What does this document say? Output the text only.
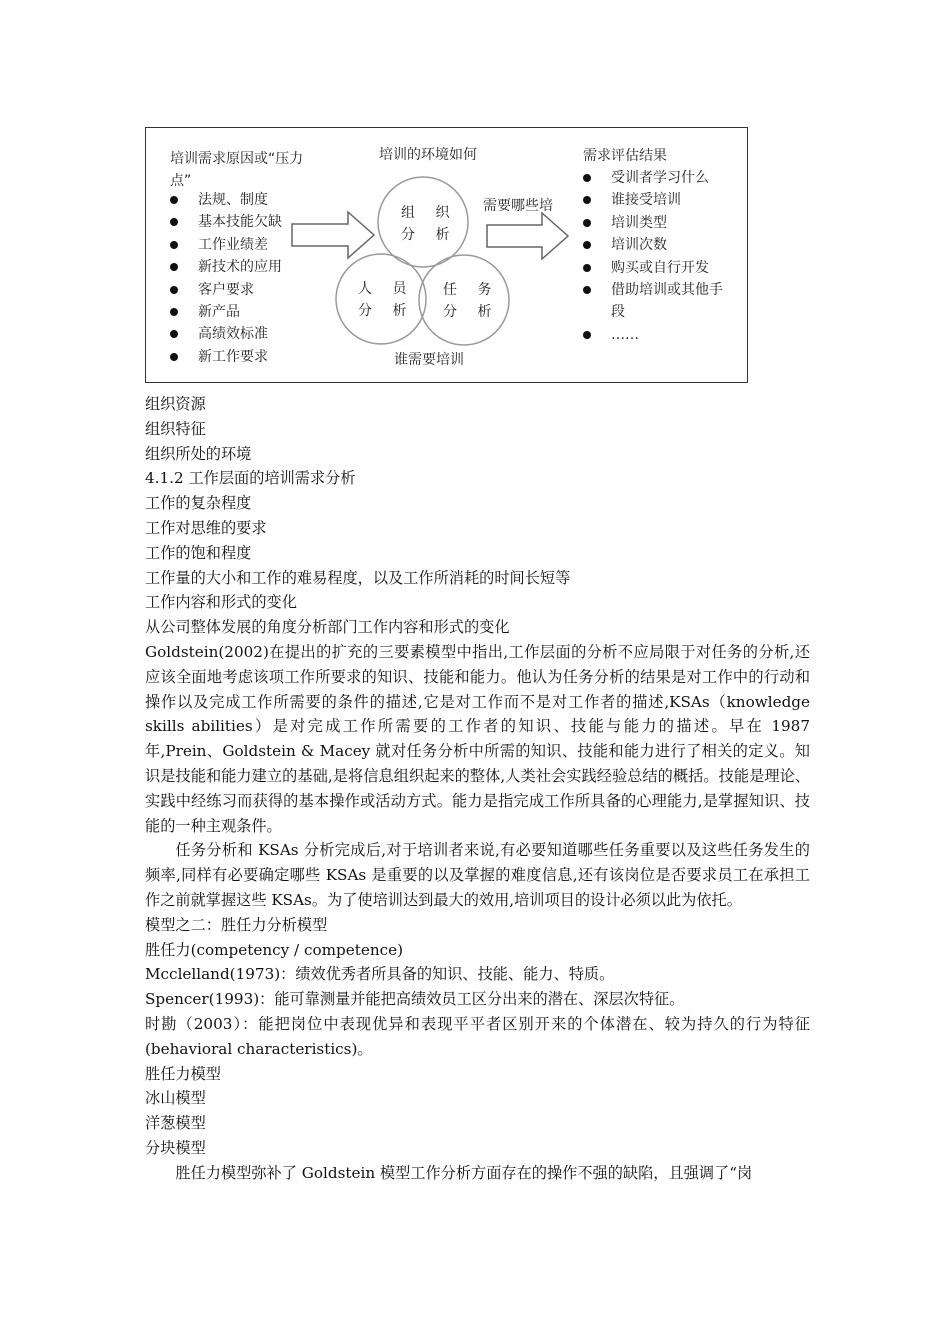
培训需求原因或“压力点”
法规、制度
基本技能欠缺
工作业绩差
新技术的应用
客户要求
新产品
高绩效标准
新工作要求
培训的环境如何
组 织
分 析
人 员
分 析
任 务
分 析
需要哪些培
谁需要培训
需求评估结果
受训者学习什么
谁接受培训
培训类型
培训次数
购买或自行开发
借助培训或其他手段
……

组织资源

组织特征

组织所处的环境

4.1.2 工作层面的培训需求分析

工作的复杂程度

工作对思维的要求

工作的饱和程度

工作量的大小和工作的难易程度，以及工作所消耗的时间长短等

工作内容和形式的变化

从公司整体发展的角度分析部门工作内容和形式的变化

Goldstein(2002)在提出的扩充的三要素模型中指出,工作层面的分析不应局限于对任务的分析,还应该全面地考虑该项工作所要求的知识、技能和能力。他认为任务分析的结果是对工作中的行动和操作以及完成工作所需要的条件的描述,它是对工作而不是对工作者的描述,KSAs（knowledge skills abilities）是对完成工作所需要的工作者的知识、技能与能力的描述。早在 1987 年,Prein、Goldstein & Macey 就对任务分析中所需的知识、技能和能力进行了相关的定义。知识是技能和能力建立的基础,是将信息组织起来的整体,人类社会实践经验总结的概括。技能是理论、实践中经练习而获得的基本操作或活动方式。能力是指完成工作所具备的心理能力,是掌握知识、技能的一种主观条件。

任务分析和 KSAs 分析完成后,对于培训者来说,有必要知道哪些任务重要以及这些任务发生的频率,同样有必要确定哪些 KSAs 是重要的以及掌握的难度信息,还有该岗位是否要求员工在承担工作之前就掌握这些 KSAs。为了使培训达到最大的效用,培训项目的设计必须以此为依托。

模型之二：胜任力分析模型

胜任力(competency / competence)

Mcclelland(1973)：绩效优秀者所具备的知识、技能、能力、特质。

Spencer(1993)：能可靠测量并能把高绩效员工区分出来的潜在、深层次特征。

时勘（2003）：能把岗位中表现优异和表现平平者区别开来的个体潜在、较为持久的行为特征(behavioral characteristics)。

胜任力模型

冰山模型

洋葱模型

分块模型

胜任力模型弥补了 Goldstein 模型工作分析方面存在的操作不强的缺陷，且强调了“岗
